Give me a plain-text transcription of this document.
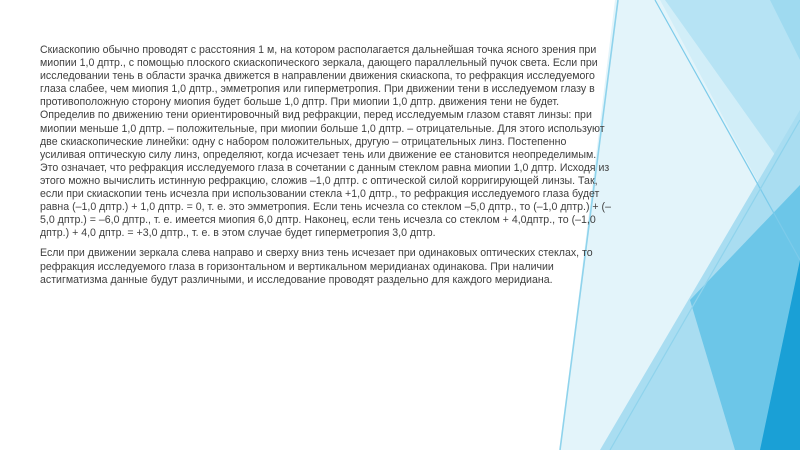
Скиаскопию обычно проводят с расстояния 1 м, на котором располагается дальнейшая точка ясного зрения при миопии 1,0 дптр., с помощью плоского скиаскопического зеркала, дающего параллельный пучок света. Если при исследовании тень в области зрачка движется в направлении движения скиаскопа, то рефракция исследуемого глаза слабее, чем миопия 1,0 дптр., эмметропия или гиперметропия. При движении тени в исследуемом глазу в противоположную сторону миопия будет больше 1,0 дптр. При миопии 1,0 дптр. движения тени не будет. Определив по движению тени ориентировочный вид рефракции, перед исследуемым глазом ставят линзы: при миопии меньше 1,0 дптр. – положительные, при миопии больше 1,0 дптр. – отрицательные. Для этого используют две скиаскопические линейки: одну с набором положительных, другую – отрицательных линз. Постепенно усиливая оптическую силу линз, определяют, когда исчезает тень или движение ее становится неопределимым. Это означает, что рефракция исследуемого глаза в сочетании с данным стеклом равна миопии 1,0 дптр. Исходя из этого можно вычислить истинную рефракцию, сложив –1,0 дптр. с оптической силой корригирующей линзы. Так, если при скиаскопии тень исчезла при использовании стекла +1,0 дптр., то рефракция исследуемого глаза будет равна (–1,0 дптр.) + 1,0 дптр. = 0, т. е. это эмметропия. Если тень исчезла со стеклом –5,0 дптр., то (–1,0 дптр.) + (–5,0 дптр.) = –6,0 дптр., т. е. имеется миопия 6,0 дптр. Наконец, если тень исчезла со стеклом + 4,0дптр., то (–1,0 дптр.) + 4,0 дптр. = +3,0 дптр., т. е. в этом случае будет гиперметропия 3,0 дптр.

Если при движении зеркала слева направо и сверху вниз тень исчезает при одинаковых оптических стеклах, то рефракция исследуемого глаза в горизонтальном и вертикальном меридианах одинакова. При наличии астигматизма данные будут различными, и исследование проводят раздельно для каждого меридиана.
